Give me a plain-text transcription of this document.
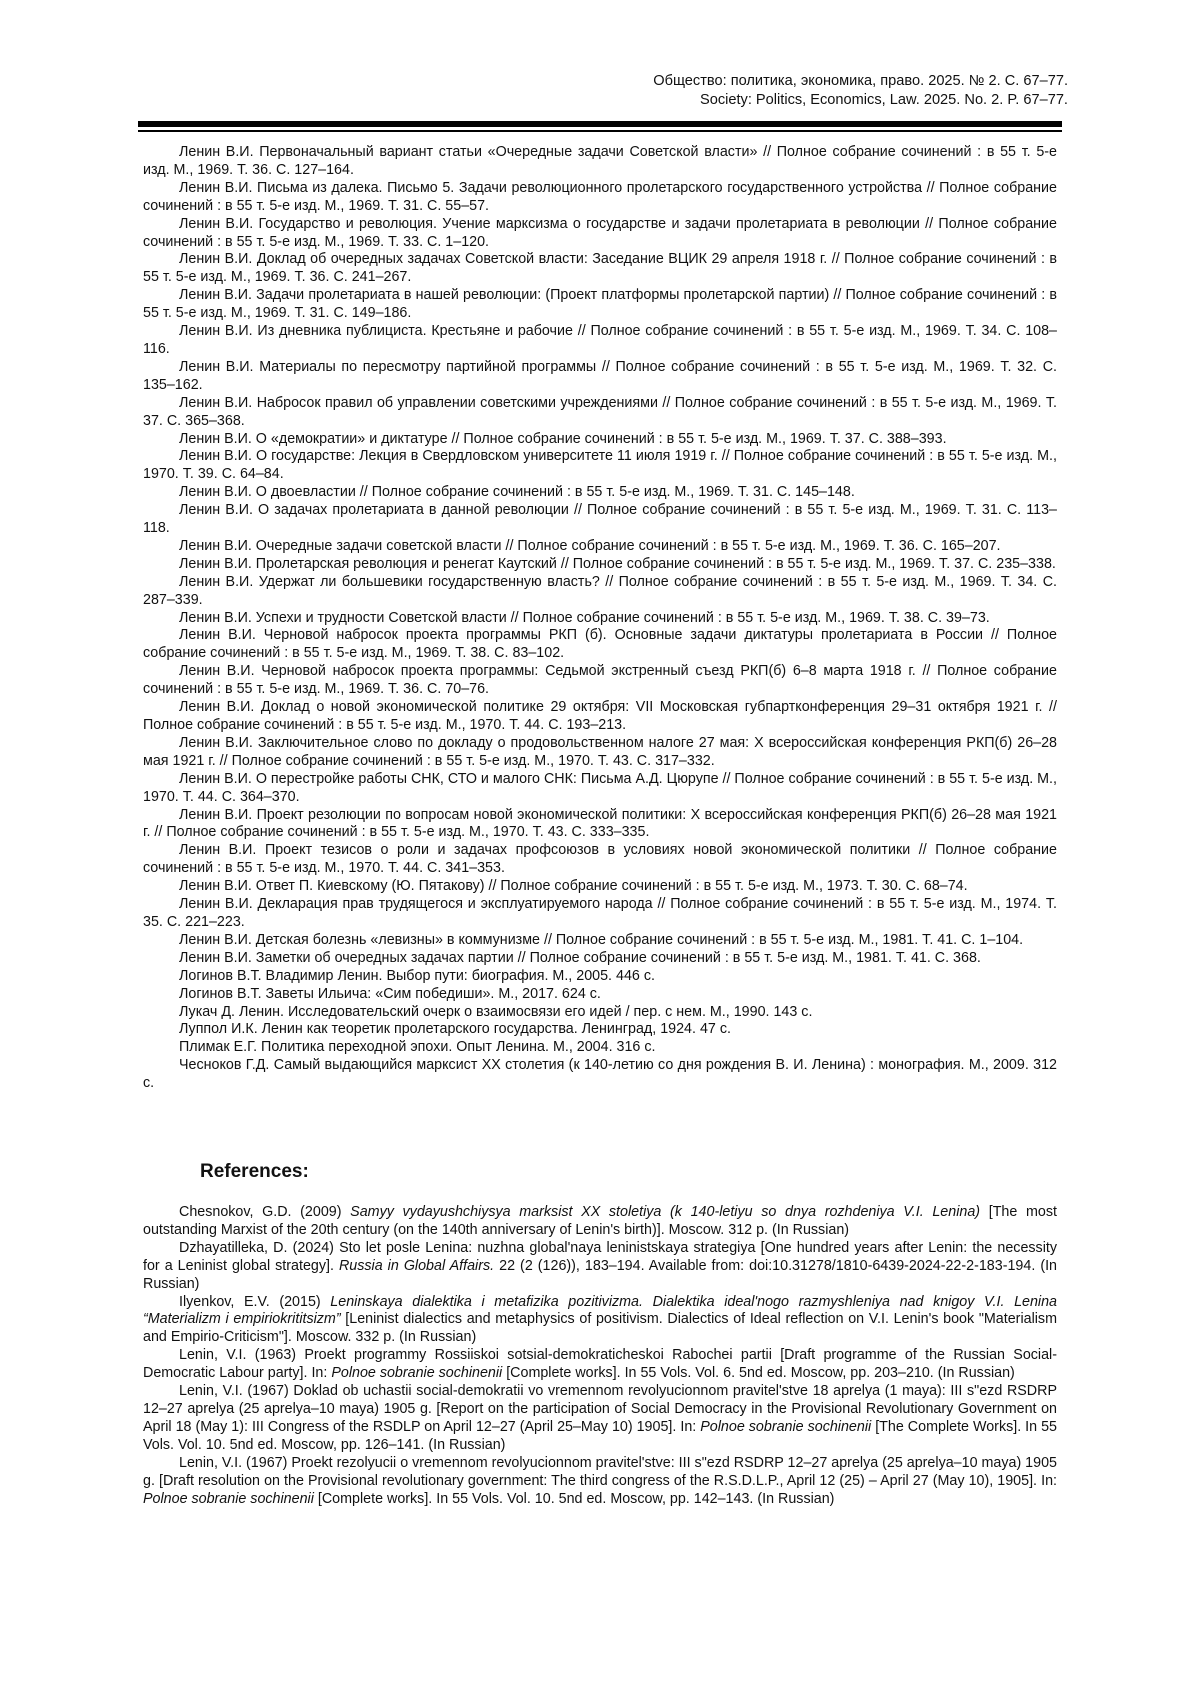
Общество: политика, экономика, право. 2025. № 2. С. 67–77.
Society: Politics, Economics, Law. 2025. No. 2. P. 67–77.

Ленин В.И. Первоначальный вариант статьи «Очередные задачи Советской власти» // Полное собрание сочинений : в 55 т. 5-е изд. М., 1969. Т. 36. С. 127–164.

Ленин В.И. Письма из далека. Письмо 5. Задачи революционного пролетарского государственного устройства // Полное собрание сочинений : в 55 т. 5-е изд. М., 1969. Т. 31. С. 55–57.

Ленин В.И. Государство и революция. Учение марксизма о государстве и задачи пролетариата в революции // Полное собрание сочинений : в 55 т. 5-е изд. М., 1969. Т. 33. С. 1–120.

Ленин В.И. Доклад об очередных задачах Советской власти: Заседание ВЦИК 29 апреля 1918 г. // Полное собрание сочинений : в 55 т. 5-е изд. М., 1969. Т. 36. С. 241–267.

Ленин В.И. Задачи пролетариата в нашей революции: (Проект платформы пролетарской партии) // Полное собрание сочинений : в 55 т. 5-е изд. М., 1969. Т. 31. С. 149–186.

Ленин В.И. Из дневника публициста. Крестьяне и рабочие // Полное собрание сочинений : в 55 т. 5-е изд. М., 1969. Т. 34. С. 108–116.

Ленин В.И. Материалы по пересмотру партийной программы // Полное собрание сочинений : в 55 т. 5-е изд. М., 1969. Т. 32. С. 135–162.

Ленин В.И. Набросок правил об управлении советскими учреждениями // Полное собрание сочинений : в 55 т. 5-е изд. М., 1969. Т. 37. С. 365–368.

Ленин В.И. О «демократии» и диктатуре // Полное собрание сочинений : в 55 т. 5-е изд. М., 1969. Т. 37. С. 388–393.

Ленин В.И. О государстве: Лекция в Свердловском университете 11 июля 1919 г. // Полное собрание сочинений : в 55 т. 5-е изд. М., 1970. Т. 39. С. 64–84.

Ленин В.И. О двоевластии // Полное собрание сочинений : в 55 т. 5-е изд. М., 1969. Т. 31. С. 145–148.

Ленин В.И. О задачах пролетариата в данной революции // Полное собрание сочинений : в 55 т. 5-е изд. М., 1969. Т. 31. С. 113–118.

Ленин В.И. Очередные задачи советской власти // Полное собрание сочинений : в 55 т. 5-е изд. М., 1969. Т. 36. С. 165–207.

Ленин В.И. Пролетарская революция и ренегат Каутский // Полное собрание сочинений : в 55 т. 5-е изд. М., 1969. Т. 37. С. 235–338.

Ленин В.И. Удержат ли большевики государственную власть? // Полное собрание сочинений : в 55 т. 5-е изд. М., 1969. Т. 34. С. 287–339.

Ленин В.И. Успехи и трудности Советской власти // Полное собрание сочинений : в 55 т. 5-е изд. М., 1969. Т. 38. С. 39–73.

Ленин В.И. Черновой набросок проекта программы РКП (б). Основные задачи диктатуры пролетариата в России // Полное собрание сочинений : в 55 т. 5-е изд. М., 1969. Т. 38. С. 83–102.

Ленин В.И. Черновой набросок проекта программы: Седьмой экстренный съезд РКП(б) 6–8 марта 1918 г. // Полное собрание сочинений : в 55 т. 5-е изд. М., 1969. Т. 36. С. 70–76.

Ленин В.И. Доклад о новой экономической политике 29 октября: VII Московская губпартконференция 29–31 октября 1921 г. // Полное собрание сочинений : в 55 т. 5-е изд. М., 1970. Т. 44. С. 193–213.

Ленин В.И. Заключительное слово по докладу о продовольственном налоге 27 мая: X всероссийская конференция РКП(б) 26–28 мая 1921 г. // Полное собрание сочинений : в 55 т. 5-е изд. М., 1970. Т. 43. С. 317–332.

Ленин В.И. О перестройке работы СНК, СТО и малого СНК: Письма А.Д. Цюрупе // Полное собрание сочинений : в 55 т. 5-е изд. М., 1970. Т. 44. С. 364–370.

Ленин В.И. Проект резолюции по вопросам новой экономической политики: X всероссийская конференция РКП(б) 26–28 мая 1921 г. // Полное собрание сочинений : в 55 т. 5-е изд. М., 1970. Т. 43. С. 333–335.

Ленин В.И. Проект тезисов о роли и задачах профсоюзов в условиях новой экономической политики // Полное собрание сочинений : в 55 т. 5-е изд. М., 1970. Т. 44. С. 341–353.

Ленин В.И. Ответ П. Киевскому (Ю. Пятакову) // Полное собрание сочинений : в 55 т. 5-е изд. М., 1973. Т. 30. С. 68–74.

Ленин В.И. Декларация прав трудящегося и эксплуатируемого народа // Полное собрание сочинений : в 55 т. 5-е изд. М., 1974. Т. 35. С. 221–223.

Ленин В.И. Детская болезнь «левизны» в коммунизме // Полное собрание сочинений : в 55 т. 5-е изд. М., 1981. Т. 41. С. 1–104.

Ленин В.И. Заметки об очередных задачах партии // Полное собрание сочинений : в 55 т. 5-е изд. М., 1981. Т. 41. С. 368.

Логинов В.Т. Владимир Ленин. Выбор пути: биография. М., 2005. 446 с.

Логинов В.Т. Заветы Ильича: «Сим победиши». М., 2017. 624 с.

Лукач Д. Ленин. Исследовательский очерк о взаимосвязи его идей / пер. с нем. М., 1990. 143 с.

Луппол И.К. Ленин как теоретик пролетарского государства. Ленинград, 1924. 47 с.

Плимак Е.Г. Политика переходной эпохи. Опыт Ленина. М., 2004. 316 с.

Чесноков Г.Д. Самый выдающийся марксист XX столетия (к 140-летию со дня рождения В. И. Ленина) : монография. М., 2009. 312 с.

References:

Chesnokov, G.D. (2009) Samyy vydayushchiysya marksist XX stoletiya (k 140-letiyu so dnya rozhdeniya V.I. Lenina) [The most outstanding Marxist of the 20th century (on the 140th anniversary of Lenin's birth)]. Moscow. 312 p. (In Russian)

Dzhayatilleka, D. (2024) Sto let posle Lenina: nuzhna global'naya leninistskaya strategiya [One hundred years after Lenin: the necessity for a Leninist global strategy]. Russia in Global Affairs. 22 (2 (126)), 183–194. Available from: doi:10.31278/1810-6439-2024-22-2-183-194. (In Russian)

Ilyenkov, E.V. (2015) Leninskaya dialektika i metafizika pozitivizma. Dialektika ideal'nogo razmyshleniya nad knigoy V.I. Lenina “Materializm i empiriokrititsizm” [Leninist dialectics and metaphysics of positivism. Dialectics of Ideal reflection on V.I. Lenin's book "Materialism and Empirio-Criticism"]. Moscow. 332 p. (In Russian)

Lenin, V.I. (1963) Proekt programmy Rossiiskoi sotsial-demokraticheskoi Rabochei partii [Draft programme of the Russian Social-Democratic Labour party]. In: Polnoe sobranie sochinenii [Complete works]. In 55 Vols. Vol. 6. 5nd ed. Moscow, pp. 203–210. (In Russian)

Lenin, V.I. (1967) Doklad ob uchastii social-demokratii vo vremennom revolyucionnom pravitel'stve 18 aprelya (1 maya): III s"ezd RSDRP 12–27 aprelya (25 aprelya–10 maya) 1905 g. [Report on the participation of Social Democracy in the Provisional Revolutionary Government on April 18 (May 1): III Congress of the RSDLP on April 12–27 (April 25–May 10) 1905]. In: Polnoe sobranie sochinenii [The Complete Works]. In 55 Vols. Vol. 10. 5nd ed. Moscow, pp. 126–141. (In Russian)

Lenin, V.I. (1967) Proekt rezolyucii o vremennom revolyucionnom pravitel'stve: III s"ezd RSDRP 12–27 aprelya (25 aprelya–10 maya) 1905 g. [Draft resolution on the Provisional revolutionary government: The third congress of the R.S.D.L.P., April 12 (25) – April 27 (May 10), 1905]. In: Polnoe sobranie sochinenii [Complete works]. In 55 Vols. Vol. 10. 5nd ed. Moscow, pp. 142–143. (In Russian)
